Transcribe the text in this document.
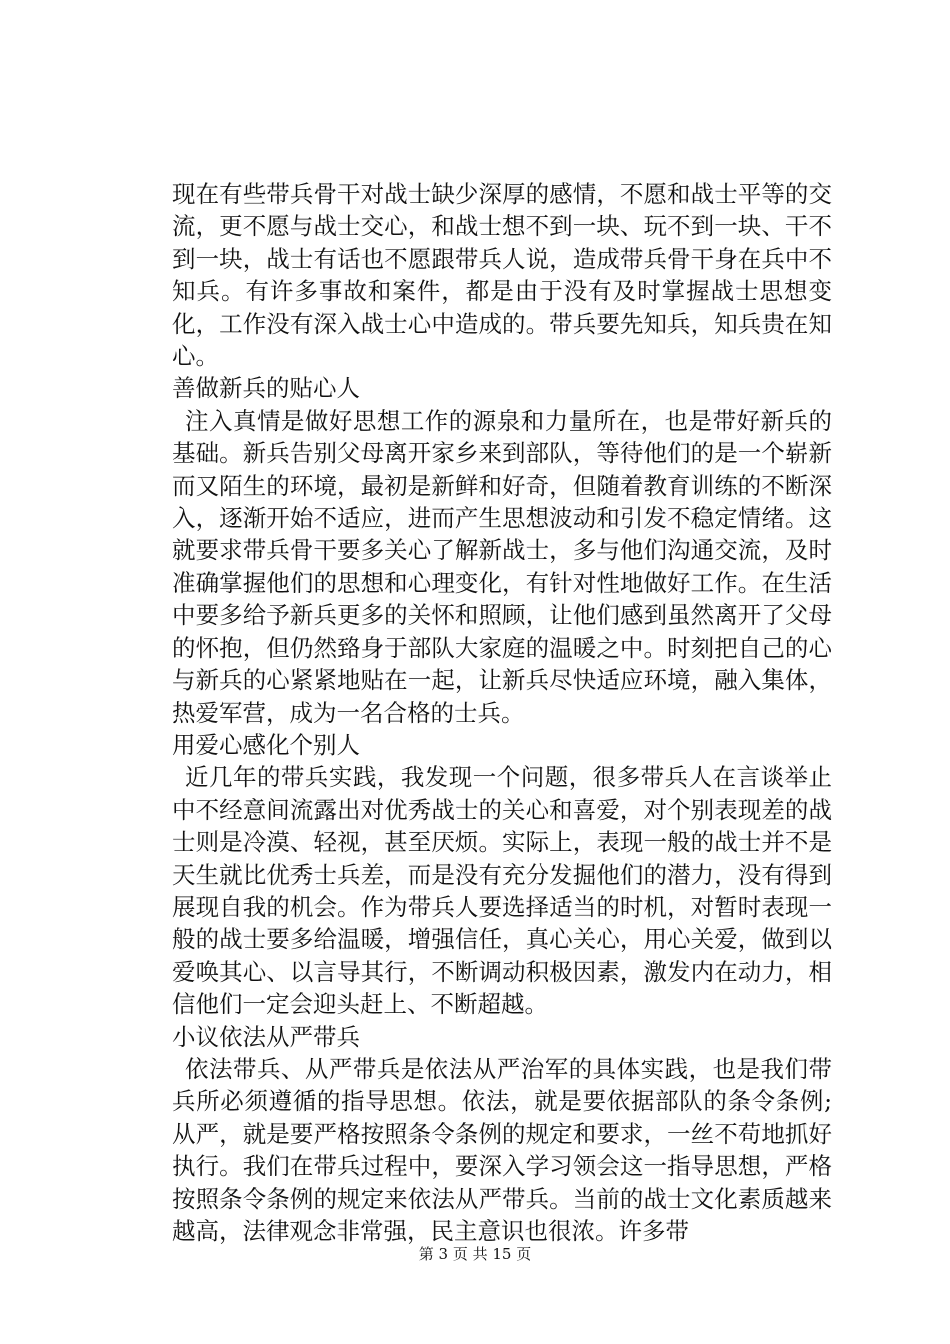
现在有些带兵骨干对战士缺少深厚的感情，不愿和战士平等的交流，更不愿与战士交心，和战士想不到一块、玩不到一块、干不到一块，战士有话也不愿跟带兵人说，造成带兵骨干身在兵中不知兵。有许多事故和案件，都是由于没有及时掌握战士思想变化，工作没有深入战士心中造成的。带兵要先知兵，知兵贵在知心。

善做新兵的贴心人

注入真情是做好思想工作的源泉和力量所在，也是带好新兵的基础。新兵告别父母离开家乡来到部队，等待他们的是一个崭新而又陌生的环境，最初是新鲜和好奇，但随着教育训练的不断深入，逐渐开始不适应，进而产生思想波动和引发不稳定情绪。这就要求带兵骨干要多关心了解新战士，多与他们沟通交流，及时准确掌握他们的思想和心理变化，有针对性地做好工作。在生活中要多给予新兵更多的关怀和照顾，让他们感到虽然离开了父母的怀抱，但仍然臵身于部队大家庭的温暖之中。时刻把自己的心与新兵的心紧紧地贴在一起，让新兵尽快适应环境，融入集体，热爱军营，成为一名合格的士兵。

用爱心感化个别人

近几年的带兵实践，我发现一个问题，很多带兵人在言谈举止中不经意间流露出对优秀战士的关心和喜爱，对个别表现差的战士则是冷漠、轻视，甚至厌烦。实际上，表现一般的战士并不是天生就比优秀士兵差，而是没有充分发掘他们的潜力，没有得到展现自我的机会。作为带兵人要选择适当的时机，对暂时表现一般的战士要多给温暖，增强信任，真心关心，用心关爱，做到以爱唤其心、以言导其行，不断调动积极因素，激发内在动力，相信他们一定会迎头赶上、不断超越。

小议依法从严带兵

依法带兵、从严带兵是依法从严治军的具体实践，也是我们带兵所必须遵循的指导思想。依法，就是要依据部队的条令条例;从严，就是要严格按照条令条例的规定和要求，一丝不苟地抓好执行。我们在带兵过程中，要深入学习领会这一指导思想，严格按照条令条例的规定来依法从严带兵。当前的战士文化素质越来越高，法律观念非常强，民主意识也很浓。许多带

第 3 页 共 15 页
